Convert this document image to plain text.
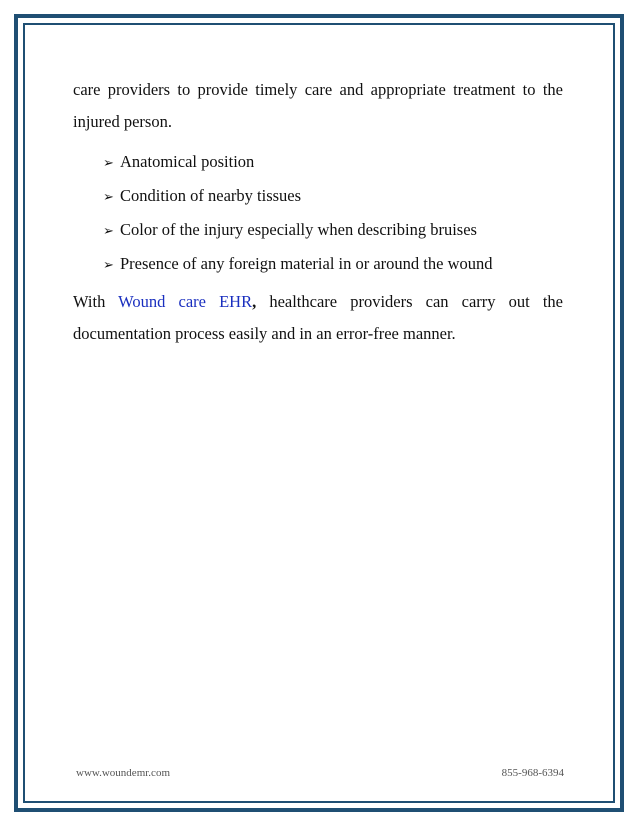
care providers to provide timely care and appropriate treatment to the injured person.

➢ Anatomical position
➢ Condition of nearby tissues
➢ Color of the injury especially when describing bruises
➢ Presence of any foreign material in or around the wound

With Wound care EHR, healthcare providers can carry out the documentation process easily and in an error-free manner.

www.woundemr.com	855-968-6394
